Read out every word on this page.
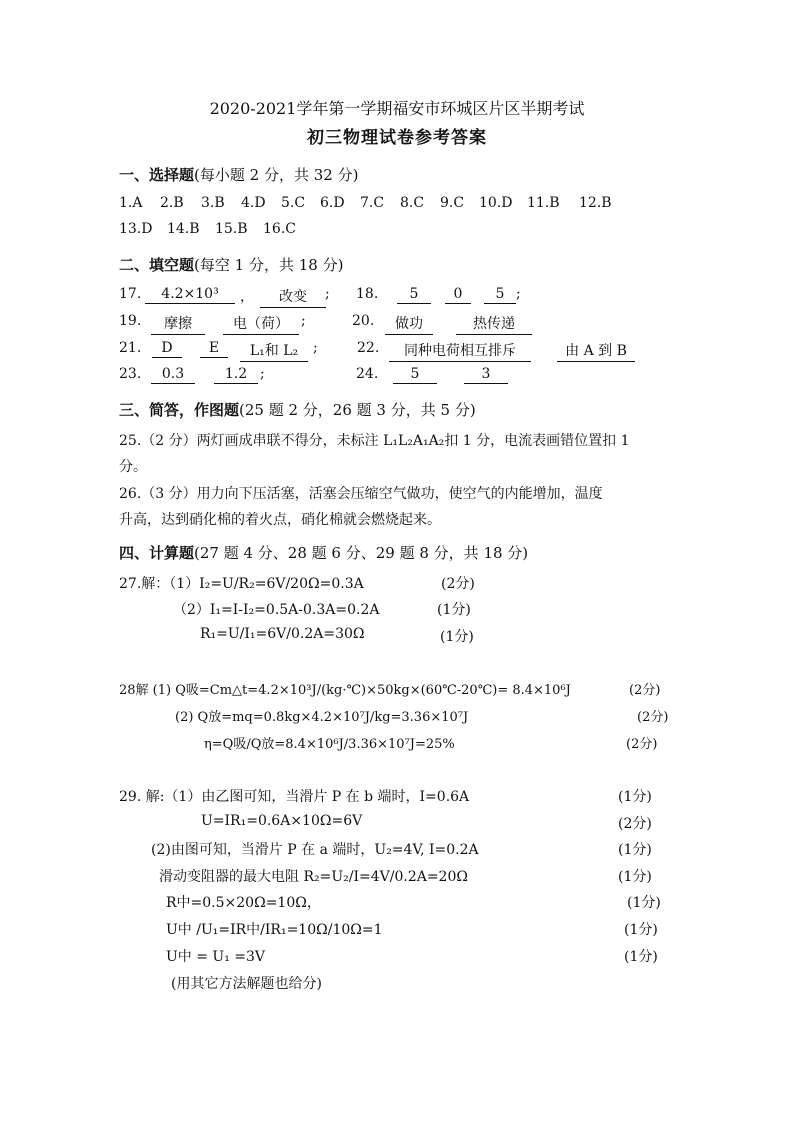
2020-2021学年第一学期福安市环城区片区半期考试
初三物理试卷参考答案
一、选择题(每小题 2 分，共 32 分)
1.A 2.B 3.B 4.D 5.C 6.D 7.C 8.C 9.C 10.D 11.B 12.B
13.D 14.B 15.B 16.C
二、填空题(每空 1 分，共 18 分)
17.	4.2×10³	，	改变	; 18.	5	0	5 ;
19.	摩擦	电（荷） ;	20.	做功	热传递
21.	D	E	L₁和 L₂	;	22.	同种电荷相互排斥	由 A 到 B
23.	0.3	1.2 ;	24.	5	3
三、简答，作图题(25 题 2 分，26 题 3 分，共 5 分)
25.（2 分）两灯画成串联不得分，未标注 L₁L₂A₁A₂扣 1 分，电流表画错位置扣 1
分。
26.（3 分）用力向下压活塞，活塞会压缩空气做功，使空气的内能增加，温度
升高，达到硝化棉的着火点，硝化棉就会燃烧起来。
四、计算题(27 题 4 分、28 题 6 分、29 题 8 分，共 18 分)
27.解：（1）I₂=U/R₂=6V/20Ω=0.3A	(2分)
（2）I₁=I-I₂=0.5A-0.3A=0.2A	(1分)
R₁=U/I₁=6V/0.2A=30Ω	(1分)
28解 (1) Q吸=Cm△t=4.2×10³J/(kg·℃)×50kg×(60℃-20℃)= 8.4×10⁶J	(2分)
(2) Q放=mq=0.8kg×4.2×10⁷J/kg=3.36×10⁷J	(2分)
η=Q吸/Q放=8.4×10⁶J/3.36×10⁷J=25%	(2分)
29. 解:（1）由乙图可知，当滑片 P 在 b 端时，I=0.6A	(1分)
U=IR₁=0.6A×10Ω=6V	(2分)
(2)由图可知，当滑片 P 在 a 端时，U₂=4V, I=0.2A	(1分)
滑动变阻器的最大电阻 R₂=U₂/I=4V/0.2A=20Ω	(1分)
R中=0.5×20Ω=10Ω，	(1分)
U中 /U₁=IR中/IR₁=10Ω/10Ω=1	(1分)
U中 = U₁ =3V	(1分)
(用其它方法解题也给分)
